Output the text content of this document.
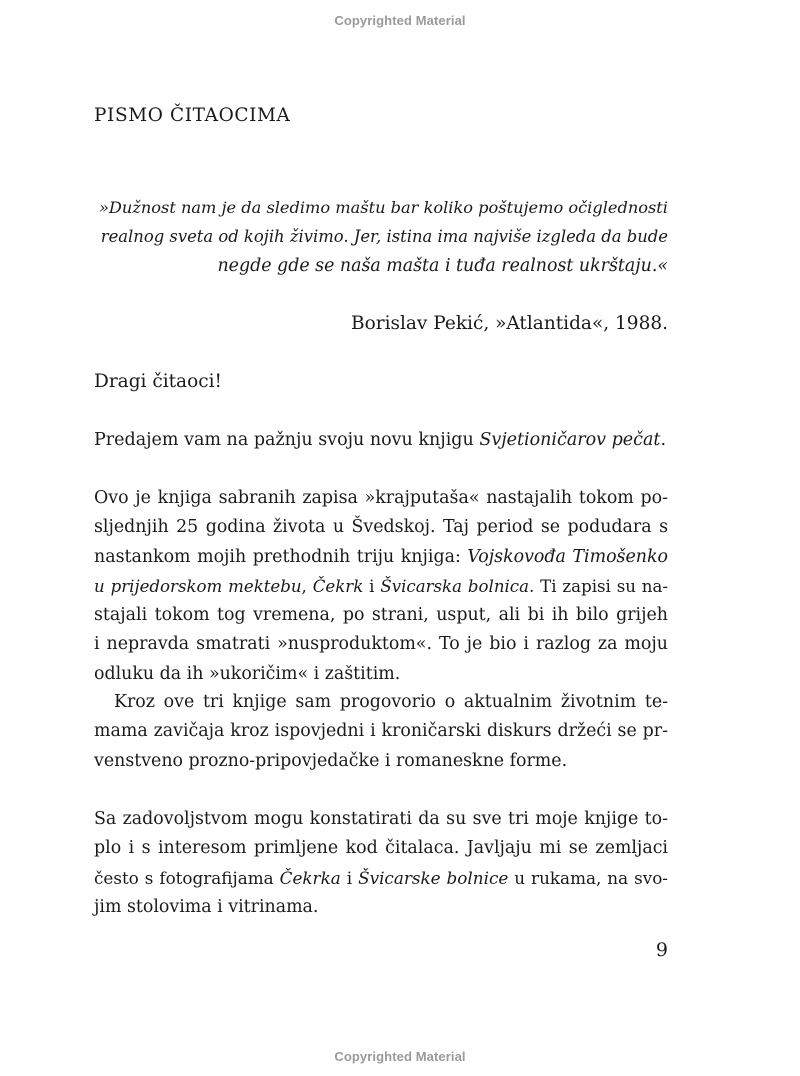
Copyrighted Material
PISMO ČITAOCIMA
»Dužnost nam je da sledimo maštu bar koliko poštujemo očiglednosti
realnog sveta od kojih živimo. Jer, istina ima najviše izgleda da bude
negde gde se naša mašta i tuđa realnost ukrštaju.«
Borislav Pekić, »Atlantida«, 1988.
Dragi čitaoci!
Predajem vam na pažnju svoju novu knjigu Svjetioničarov pečat.
Ovo je knjiga sabranih zapisa »krajputaša« nastajalih tokom po-
sljednjih 25 godina života u Švedskoj. Taj period se podudara s
nastankom mojih prethodnih triju knjiga: Vojskovođa Timošenko
u prijedorskom mektebu, Čekrk i Švicarska bolnica. Ti zapisi su na-
stajali tokom tog vremena, po strani, usput, ali bi ih bilo grijeh
i nepravda smatrati »nusproduktom«. To je bio i razlog za moju
odluku da ih »ukoričim« i zaštitim.
Kroz ove tri knjige sam progovorio o aktualnim životnim te-
mama zavičaja kroz ispovjedni i kroničarski diskurs držeći se pr-
venstveno prozno-pripovjedačke i romaneskne forme.
Sa zadovoljstvom mogu konstatirati da su sve tri moje knjige to-
plo i s interesom primljene kod čitalaca. Javljaju mi se zemljaci
često s fotografijama Čekrka i Švicarske bolnice u rukama, na svo-
jim stolovima i vitrinama.
9
Copyrighted Material
